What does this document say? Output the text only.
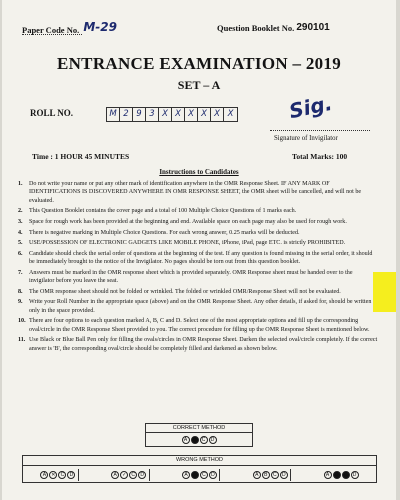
Paper Code No. M-29	Question Booklet No. 290101
ENTRANCE EXAMINATION – 2019
SET – A
ROLL NO.	M 2 9 3 X X X X X X	Sig.
Signature of Invigilator
Time : 1 HOUR 45 MINUTES	Total Marks: 100
Instructions to Candidates
1.	Do not write your name or put any other mark of identification anywhere in the OMR Response Sheet. IF ANY MARK OF IDENTIFICATIONS IS DISCOVERED ANYWHERE IN OMR RESPONSE SHEET, the OMR sheet will be cancelled, and will not be evaluated.
2.	This Question Booklet contains the cover page and a total of 100 Multiple Choice Questions of 1 marks each.
3.	Space for rough work has been provided at the beginning and end. Available space on each page may also be used for rough work.
4.	There is negative marking in Multiple Choice Questions. For each wrong answer, 0.25 marks will be deducted.
5.	USE/POSSESSION OF ELECTRONIC GADGETS LIKE MOBILE PHONE, iPhone, iPad, page ETC. is strictly PROHIBITED.
6.	Candidate should check the serial order of questions at the beginning of the test. If any question is found missing in the serial order, it should be immediately brought to the notice of the Invigilator. No pages should be torn out from this question booklet.
7.	Answers must be marked in the OMR response sheet which is provided separately. OMR Response sheet must be handed over to the invigilator before you leave the seat.
8.	The OMR response sheet should not be folded or wrinkled. The folded or wrinkled OMR/Response Sheet will not be evaluated.
9.	Write your Roll Number in the appropriate space (above) and on the OMR Response Sheet. Any other details, if asked for, should be written only in the space provided.
10. There are four options to each question marked A, B, C and D. Select one of the most appropriate options and fill up the corresponding oval/circle in the OMR Response Sheet provided to you. The correct procedure for filling up the OMR Response Sheet is mentioned below.
11. Use Black or Blue Ball Pen only for filling the ovals/circles in OMR Response Sheet. Darken the selected oval/circle completely. If the correct answer is 'B', the corresponding oval/circle should be completely filled and darkened as shown below.
CORRECT METHOD
A B C D
WRONG METHOD
A	✕	C	D	A	✓	C	D	A	B	C	D	A	B	C	D	A	B	C	D
